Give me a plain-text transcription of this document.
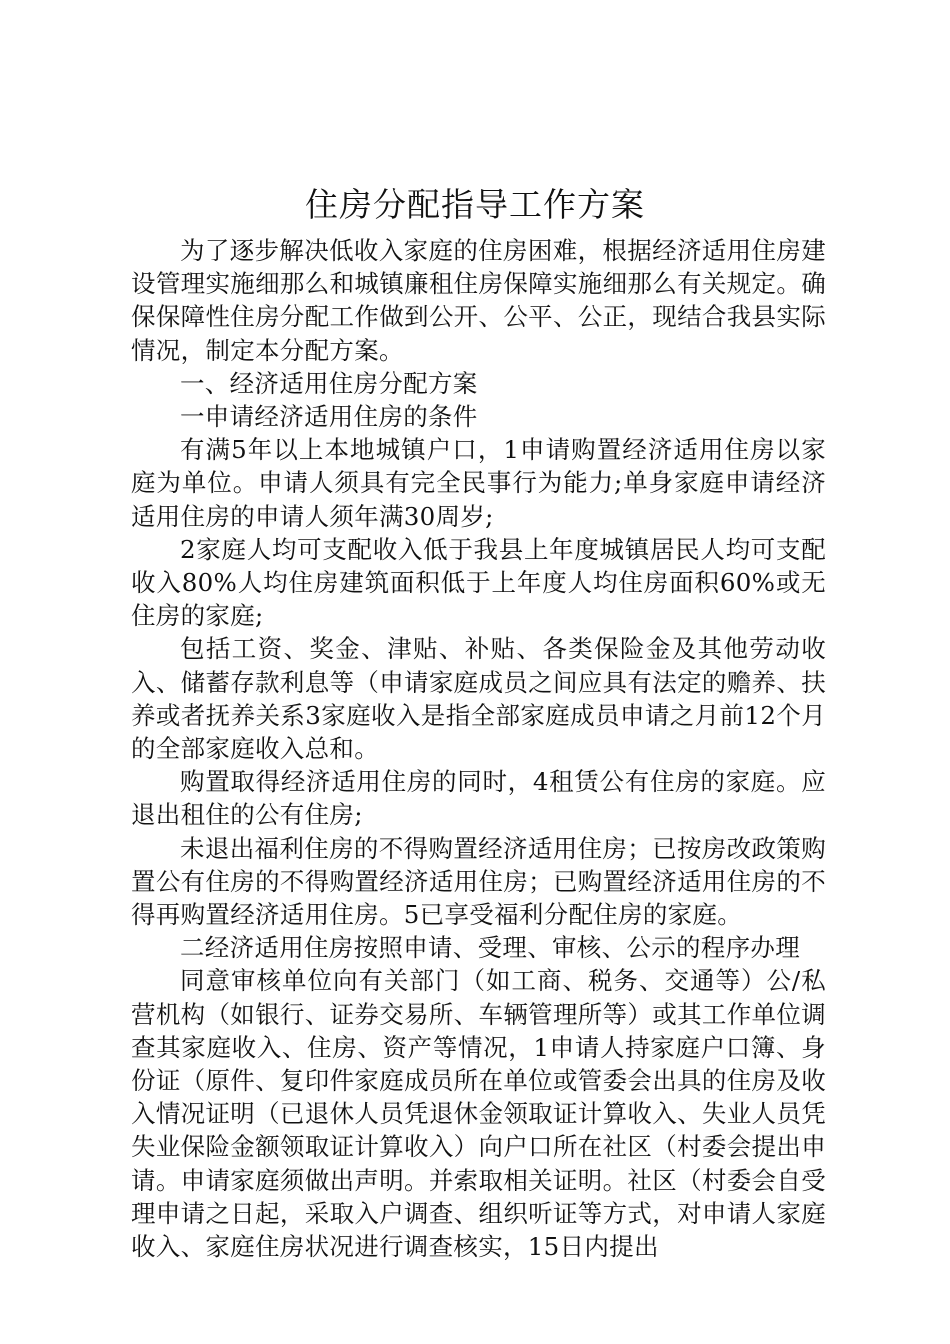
住房分配指导工作方案

为了逐步解决低收入家庭的住房困难，根据经济适用住房建设管理实施细那么和城镇廉租住房保障实施细那么有关规定。确保保障性住房分配工作做到公开、公平、公正，现结合我县实际情况，制定本分配方案。

一、经济适用住房分配方案

一申请经济适用住房的条件

有满5年以上本地城镇户口，1申请购置经济适用住房以家庭为单位。申请人须具有完全民事行为能力;单身家庭申请经济适用住房的申请人须年满30周岁;

2家庭人均可支配收入低于我县上年度城镇居民人均可支配收入80%人均住房建筑面积低于上年度人均住房面积60%或无住房的家庭;

包括工资、奖金、津贴、补贴、各类保险金及其他劳动收入、储蓄存款利息等（申请家庭成员之间应具有法定的赡养、扶养或者抚养关系3家庭收入是指全部家庭成员申请之月前12个月的全部家庭收入总和。

购置取得经济适用住房的同时，4租赁公有住房的家庭。应退出租住的公有住房;

未退出福利住房的不得购置经济适用住房；已按房改政策购置公有住房的不得购置经济适用住房；已购置经济适用住房的不得再购置经济适用住房。5已享受福利分配住房的家庭。

二经济适用住房按照申请、受理、审核、公示的程序办理

同意审核单位向有关部门（如工商、税务、交通等）公/私营机构（如银行、证券交易所、车辆管理所等）或其工作单位调查其家庭收入、住房、资产等情况，1申请人持家庭户口簿、身份证（原件、复印件家庭成员所在单位或管委会出具的住房及收入情况证明（已退休人员凭退休金领取证计算收入、失业人员凭失业保险金额领取证计算收入）向户口所在社区（村委会提出申请。申请家庭须做出声明。并索取相关证明。社区（村委会自受理申请之日起，采取入户调查、组织听证等方式，对申请人家庭收入、家庭住房状况进行调查核实，15日内提出
